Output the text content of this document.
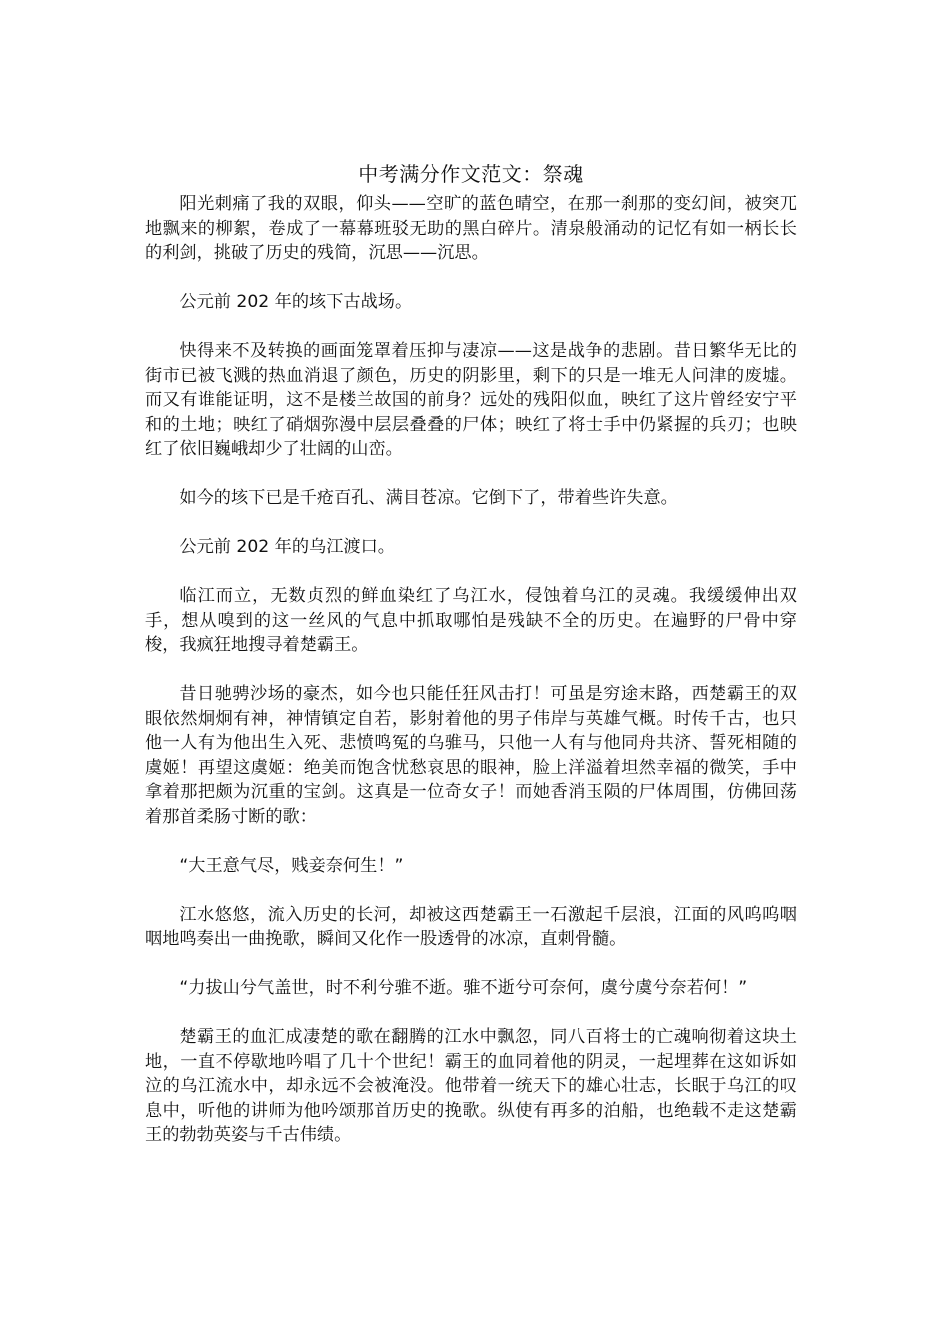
中考满分作文范文：祭魂

阳光刺痛了我的双眼，仰头——空旷的蓝色晴空，在那一刹那的变幻间，被突兀地飘来的柳絮，卷成了一幕幕班驳无助的黑白碎片。清泉般涌动的记忆有如一柄长长的利剑，挑破了历史的残简，沉思——沉思。

公元前 202 年的垓下古战场。

快得来不及转换的画面笼罩着压抑与凄凉——这是战争的悲剧。昔日繁华无比的街市已被飞溅的热血消退了颜色，历史的阴影里，剩下的只是一堆无人问津的废墟。而又有谁能证明，这不是楼兰故国的前身？远处的残阳似血，映红了这片曾经安宁平和的土地；映红了硝烟弥漫中层层叠叠的尸体；映红了将士手中仍紧握的兵刃；也映红了依旧巍峨却少了壮阔的山峦。

如今的垓下已是千疮百孔、满目苍凉。它倒下了，带着些许失意。

公元前 202 年的乌江渡口。

临江而立，无数贞烈的鲜血染红了乌江水，侵蚀着乌江的灵魂。我缓缓伸出双手，想从嗅到的这一丝风的气息中抓取哪怕是残缺不全的历史。在遍野的尸骨中穿梭，我疯狂地搜寻着楚霸王。

昔日驰骋沙场的豪杰，如今也只能任狂风击打！可虽是穷途末路，西楚霸王的双眼依然炯炯有神，神情镇定自若，影射着他的男子伟岸与英雄气概。时传千古，也只他一人有为他出生入死、悲愤鸣冤的乌骓马，只他一人有与他同舟共济、誓死相随的虞姬！再望这虞姬：绝美而饱含忧愁哀思的眼神，脸上洋溢着坦然幸福的微笑，手中拿着那把颇为沉重的宝剑。这真是一位奇女子！而她香消玉陨的尸体周围，仿佛回荡着那首柔肠寸断的歌：

“大王意气尽，贱妾奈何生！”

江水悠悠，流入历史的长河，却被这西楚霸王一石激起千层浪，江面的风呜呜咽咽地鸣奏出一曲挽歌，瞬间又化作一股透骨的冰凉，直刺骨髓。

“力拔山兮气盖世，时不利兮骓不逝。骓不逝兮可奈何，虞兮虞兮奈若何！”

楚霸王的血汇成凄楚的歌在翻腾的江水中飘忽，同八百将士的亡魂响彻着这块土地，一直不停歇地吟唱了几十个世纪！霸王的血同着他的阴灵，一起埋葬在这如诉如泣的乌江流水中，却永远不会被淹没。他带着一统天下的雄心壮志，长眠于乌江的叹息中，听他的讲师为他吟颂那首历史的挽歌。纵使有再多的泊船，也绝载不走这楚霸王的勃勃英姿与千古伟绩。
